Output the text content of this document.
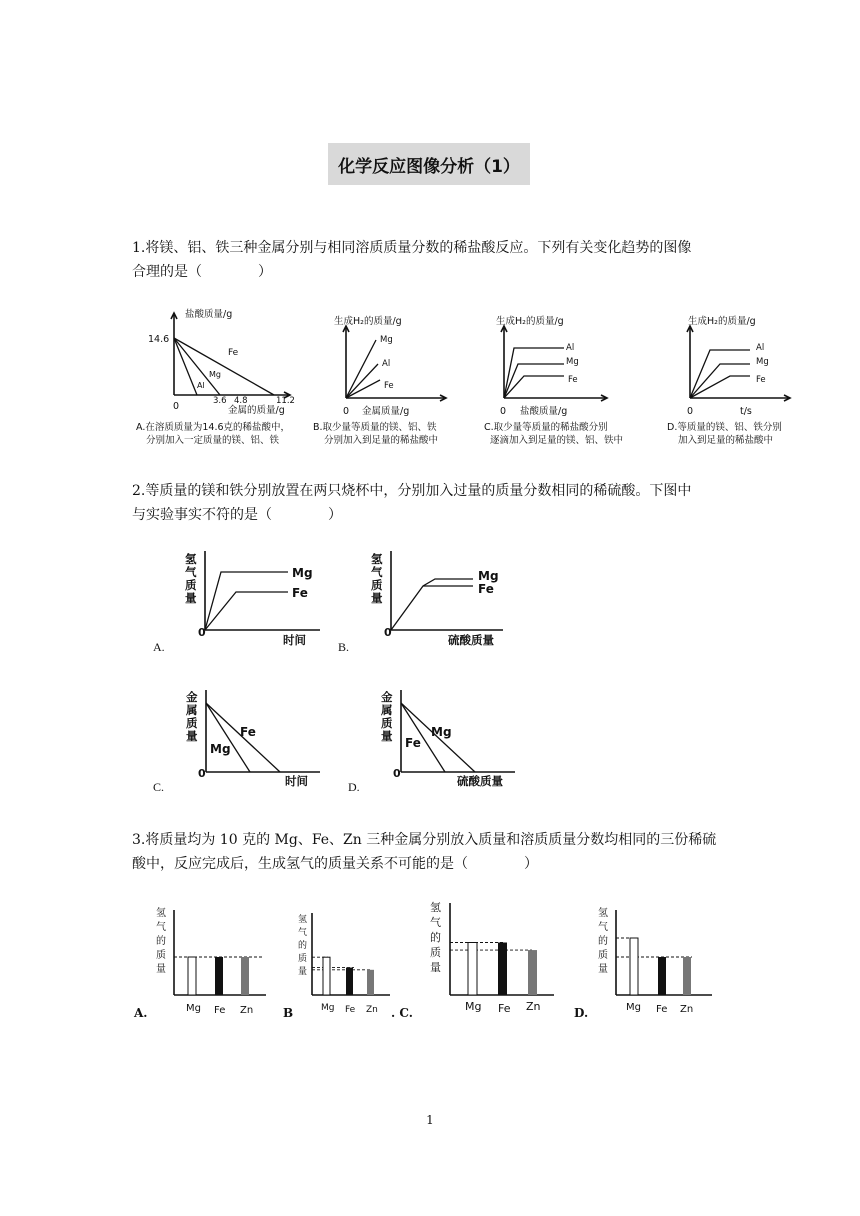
化学反应图像分析（1）
1.将镁、铝、铁三种金属分别与相同溶质质量分数的稀盐酸反应。下列有关变化趋势的图像
合理的是（　　　　）
盐酸质量/g
14.6
0	3.6 4.8	11.2
金属的质量/g
Fe
Mg
Al
A.在溶质质量为14.6克的稀盐酸中，
分别加入一定质量的镁、铝、铁
生成H₂的质量/g
0 金属质量/g
Mg
Al
Fe
B.取少量等质量的镁、铝、铁
分别加入到足量的稀盐酸中
生成H₂的质量/g
0 盐酸质量/g
Al
Mg
Fe
C.取少量等质量的稀盐酸分别
逐滴加入到足量的镁、铝、铁中
生成H₂的质量/g
0	t/s
Al
Mg
Fe
D.等质量的镁、铝、铁分别
加入到足量的稀盐酸中
2.等质量的镁和铁分别放置在两只烧杯中，分别加入过量的质量分数相同的稀硫酸。下图中
与实验事实不符的是（　　　　）
氢
气
质
量
0
时间
Mg
Fe
A.
氢
气
质
量
0
硫酸质量
Mg
Fe
B.
金
属
质
量
0
时间
Fe
Mg
C.
金
属
质
量
0
硫酸质量
Mg
Fe
D.
3.将质量均为 10 克的 Mg、Fe、Zn 三种金属分别放入质量和溶质质量分数均相同的三份稀硫
酸中，反应完成后，生成氢气的质量关系不可能的是（　　　　）
氢
气
的
质
量
Mg Fe Zn
A.
氢
气
的
质
量
Mg Fe Zn
B
氢
气
的
质
量
Mg Fe Zn
. C.
氢
气
的
质
量
Mg Fe Zn
D.
1
